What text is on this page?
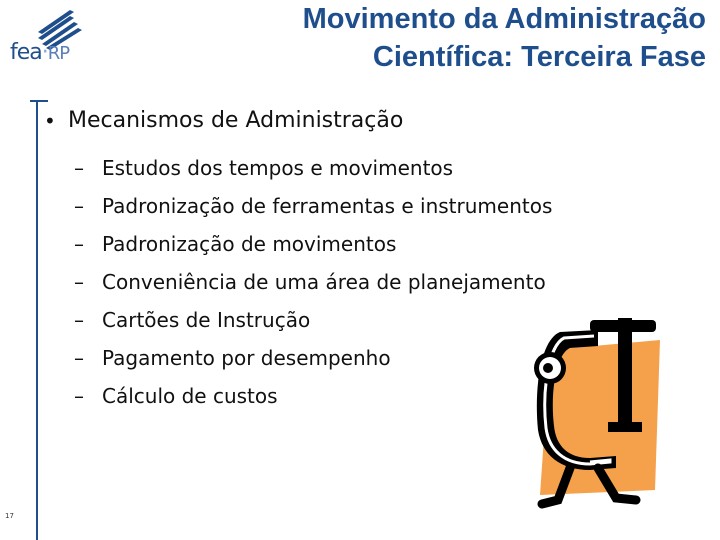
fea·RP
Movimento da Administração
Científica: Terceira Fase
• Mecanismos de Administração
– Estudos dos tempos e movimentos
– Padronização de ferramentas e instrumentos
– Padronização de movimentos
– Conveniência de uma área de planejamento
– Cartões de Instrução
– Pagamento por desempenho
– Cálculo de custos
17
